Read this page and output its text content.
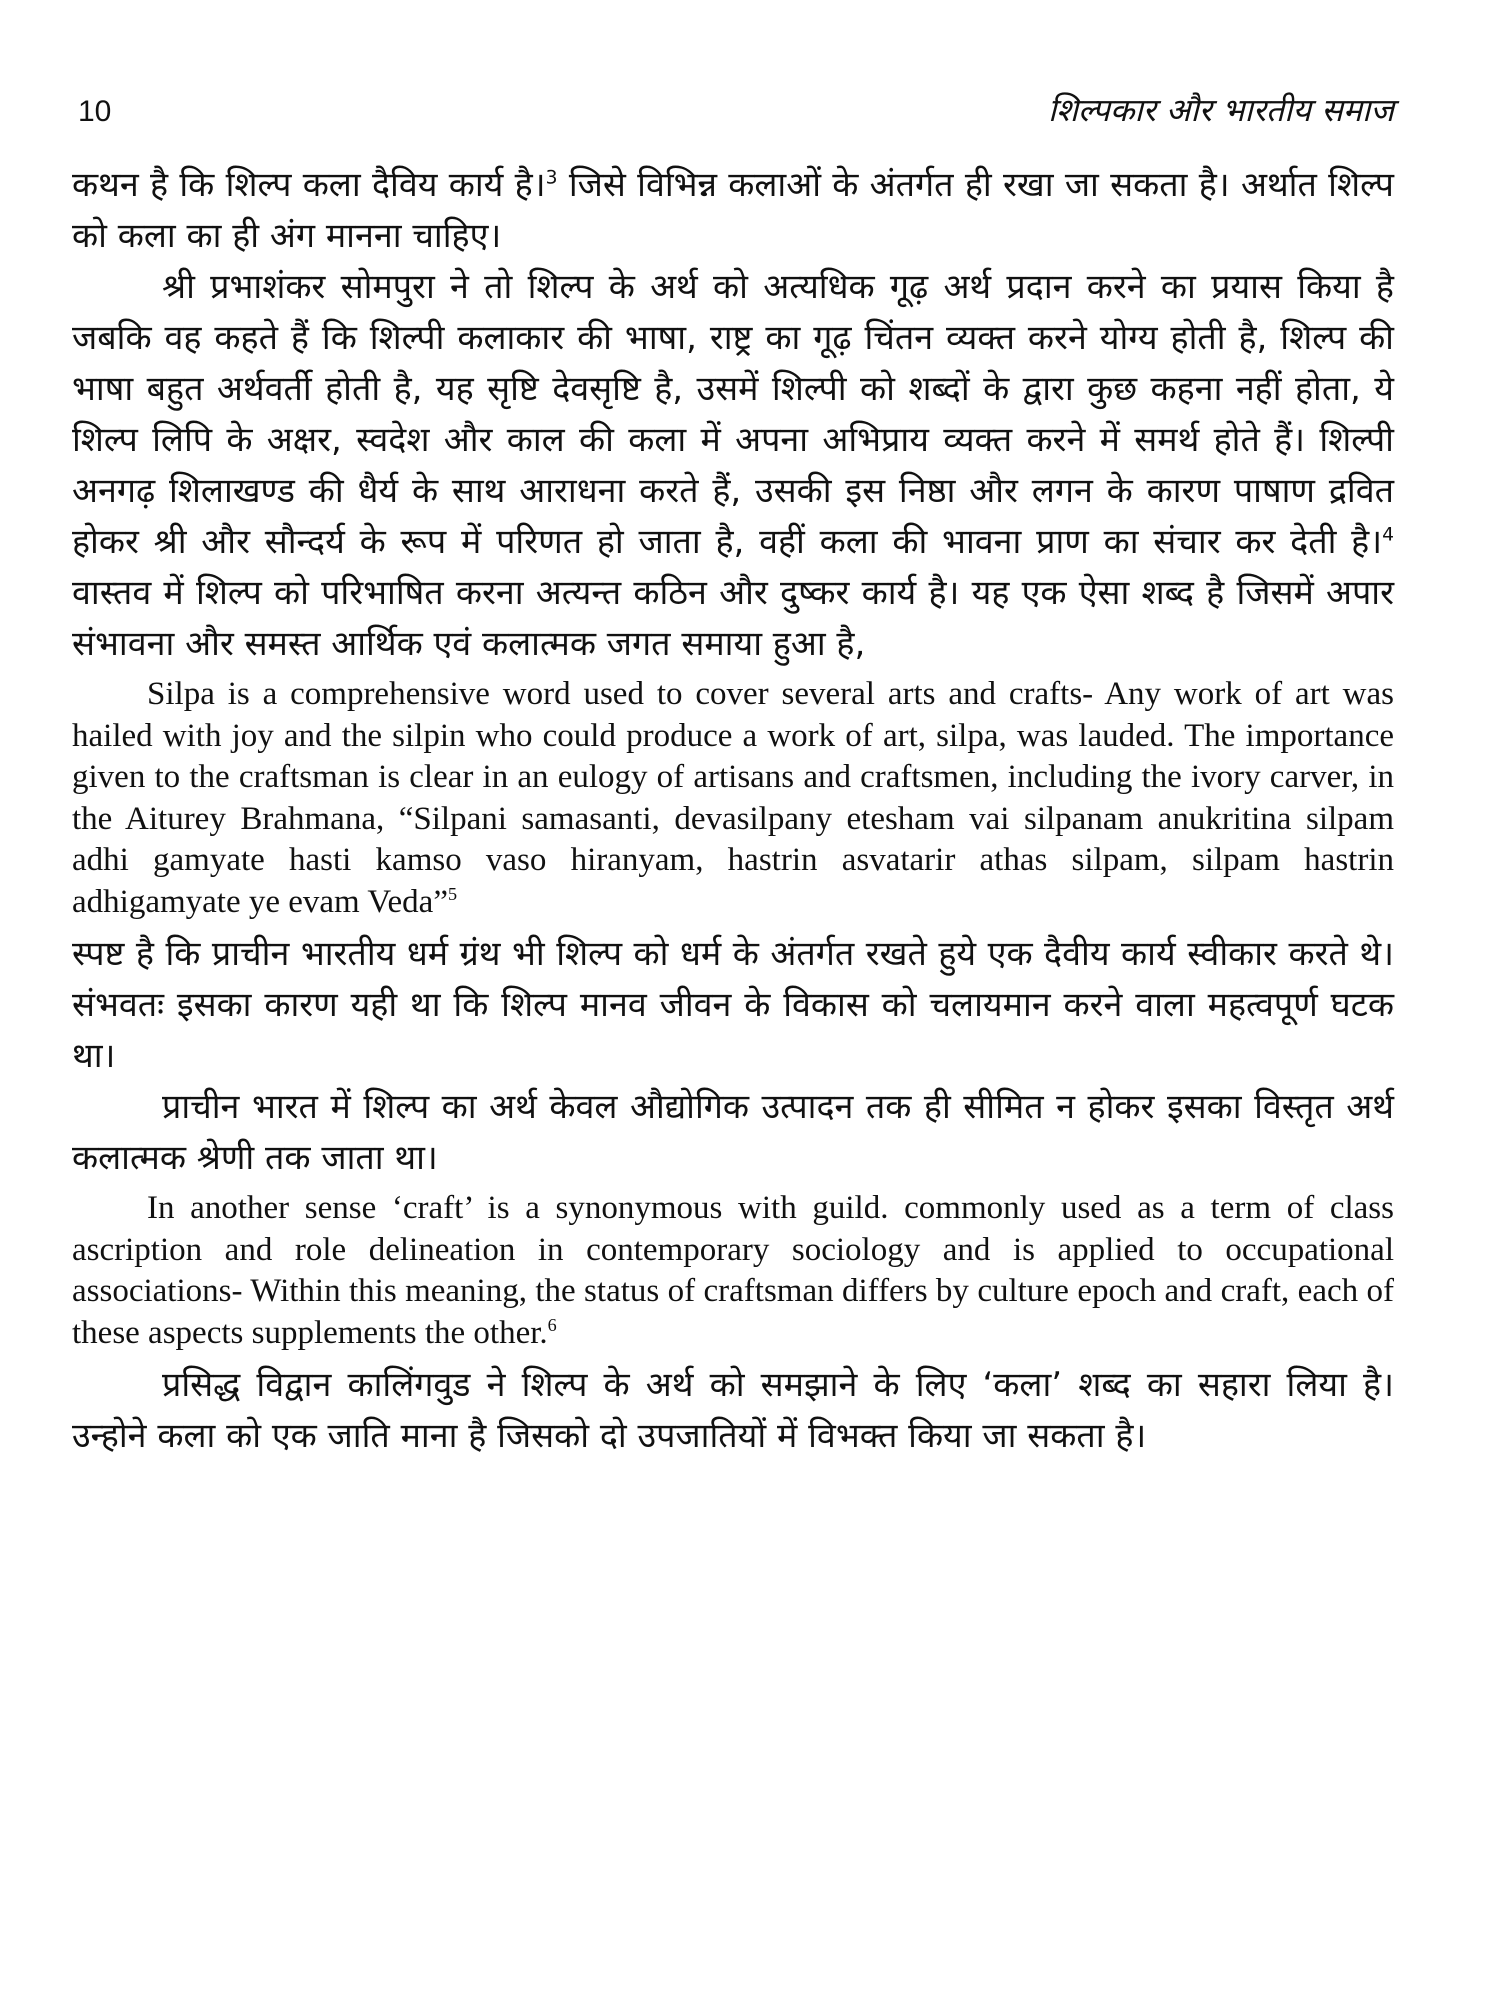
10	शिल्पकार और भारतीय समाज

कथन है कि शिल्प कला दैविय कार्य है।$^3$ जिसे विभिन्न कलाओं के अंतर्गत ही रखा जा सकता है। अर्थात शिल्प को कला का ही अंग मानना चाहिए।

श्री प्रभाशंकर सोमपुरा ने तो शिल्प के अर्थ को अत्यधिक गूढ़ अर्थ प्रदान करने का प्रयास किया है जबकि वह कहते हैं कि शिल्पी कलाकार की भाषा, राष्ट्र का गूढ़ चिंतन व्यक्त करने योग्य होती है, शिल्प की भाषा बहुत अर्थवर्ती होती है, यह सृष्टि देवसृष्टि है, उसमें शिल्पी को शब्दों के द्वारा कुछ कहना नहीं होता, ये शिल्प लिपि के अक्षर, स्वदेश और काल की कला में अपना अभिप्राय व्यक्त करने में समर्थ होते हैं। शिल्पी अनगढ़ शिलाखण्ड की धैर्य के साथ आराधना करते हैं, उसकी इस निष्ठा और लगन के कारण पाषाण द्रवित होकर श्री और सौन्दर्य के रूप में परिणत हो जाता है, वहीं कला की भावना प्राण का संचार कर देती है।$^4$ वास्तव में शिल्प को परिभाषित करना अत्यन्त कठिन और दुष्कर कार्य है। यह एक ऐसा शब्द है जिसमें अपार संभावना और समस्त आर्थिक एवं कलात्मक जगत समाया हुआ है,

Silpa is a comprehensive word used to cover several arts and crafts- Any work of art was hailed with joy and the silpin who could produce a work of art, silpa, was lauded. The importance given to the craftsman is clear in an eulogy of artisans and craftsmen, including the ivory carver, in the Aiturey Brahmana, “Silpani samasanti, devasilpany etesham vai silpanam anukritina silpam adhi gamyate hasti kamso vaso hiranyam, hastrin asvatarir athas silpam, silpam hastrin adhigamyate ye evam Veda”$^5$

स्पष्ट है कि प्राचीन भारतीय धर्म ग्रंथ भी शिल्प को धर्म के अंतर्गत रखते हुये एक दैवीय कार्य स्वीकार करते थे। संभवतः इसका कारण यही था कि शिल्प मानव जीवन के विकास को चलायमान करने वाला महत्वपूर्ण घटक था।

प्राचीन भारत में शिल्प का अर्थ केवल औद्योगिक उत्पादन तक ही सीमित न होकर इसका विस्तृत अर्थ कलात्मक श्रेणी तक जाता था।

In another sense ‘craft’ is a synonymous with guild. commonly used as a term of class ascription and role delineation in contemporary sociology and is applied to occupational associations- Within this meaning, the status of craftsman differs by culture epoch and craft, each of these aspects supplements the other.$^6$

प्रसिद्ध विद्वान कालिंगवुड ने शिल्प के अर्थ को समझाने के लिए ‘कला’ शब्द का सहारा लिया है। उन्होने कला को एक जाति माना है जिसको दो उपजातियों में विभक्त किया जा सकता है।
